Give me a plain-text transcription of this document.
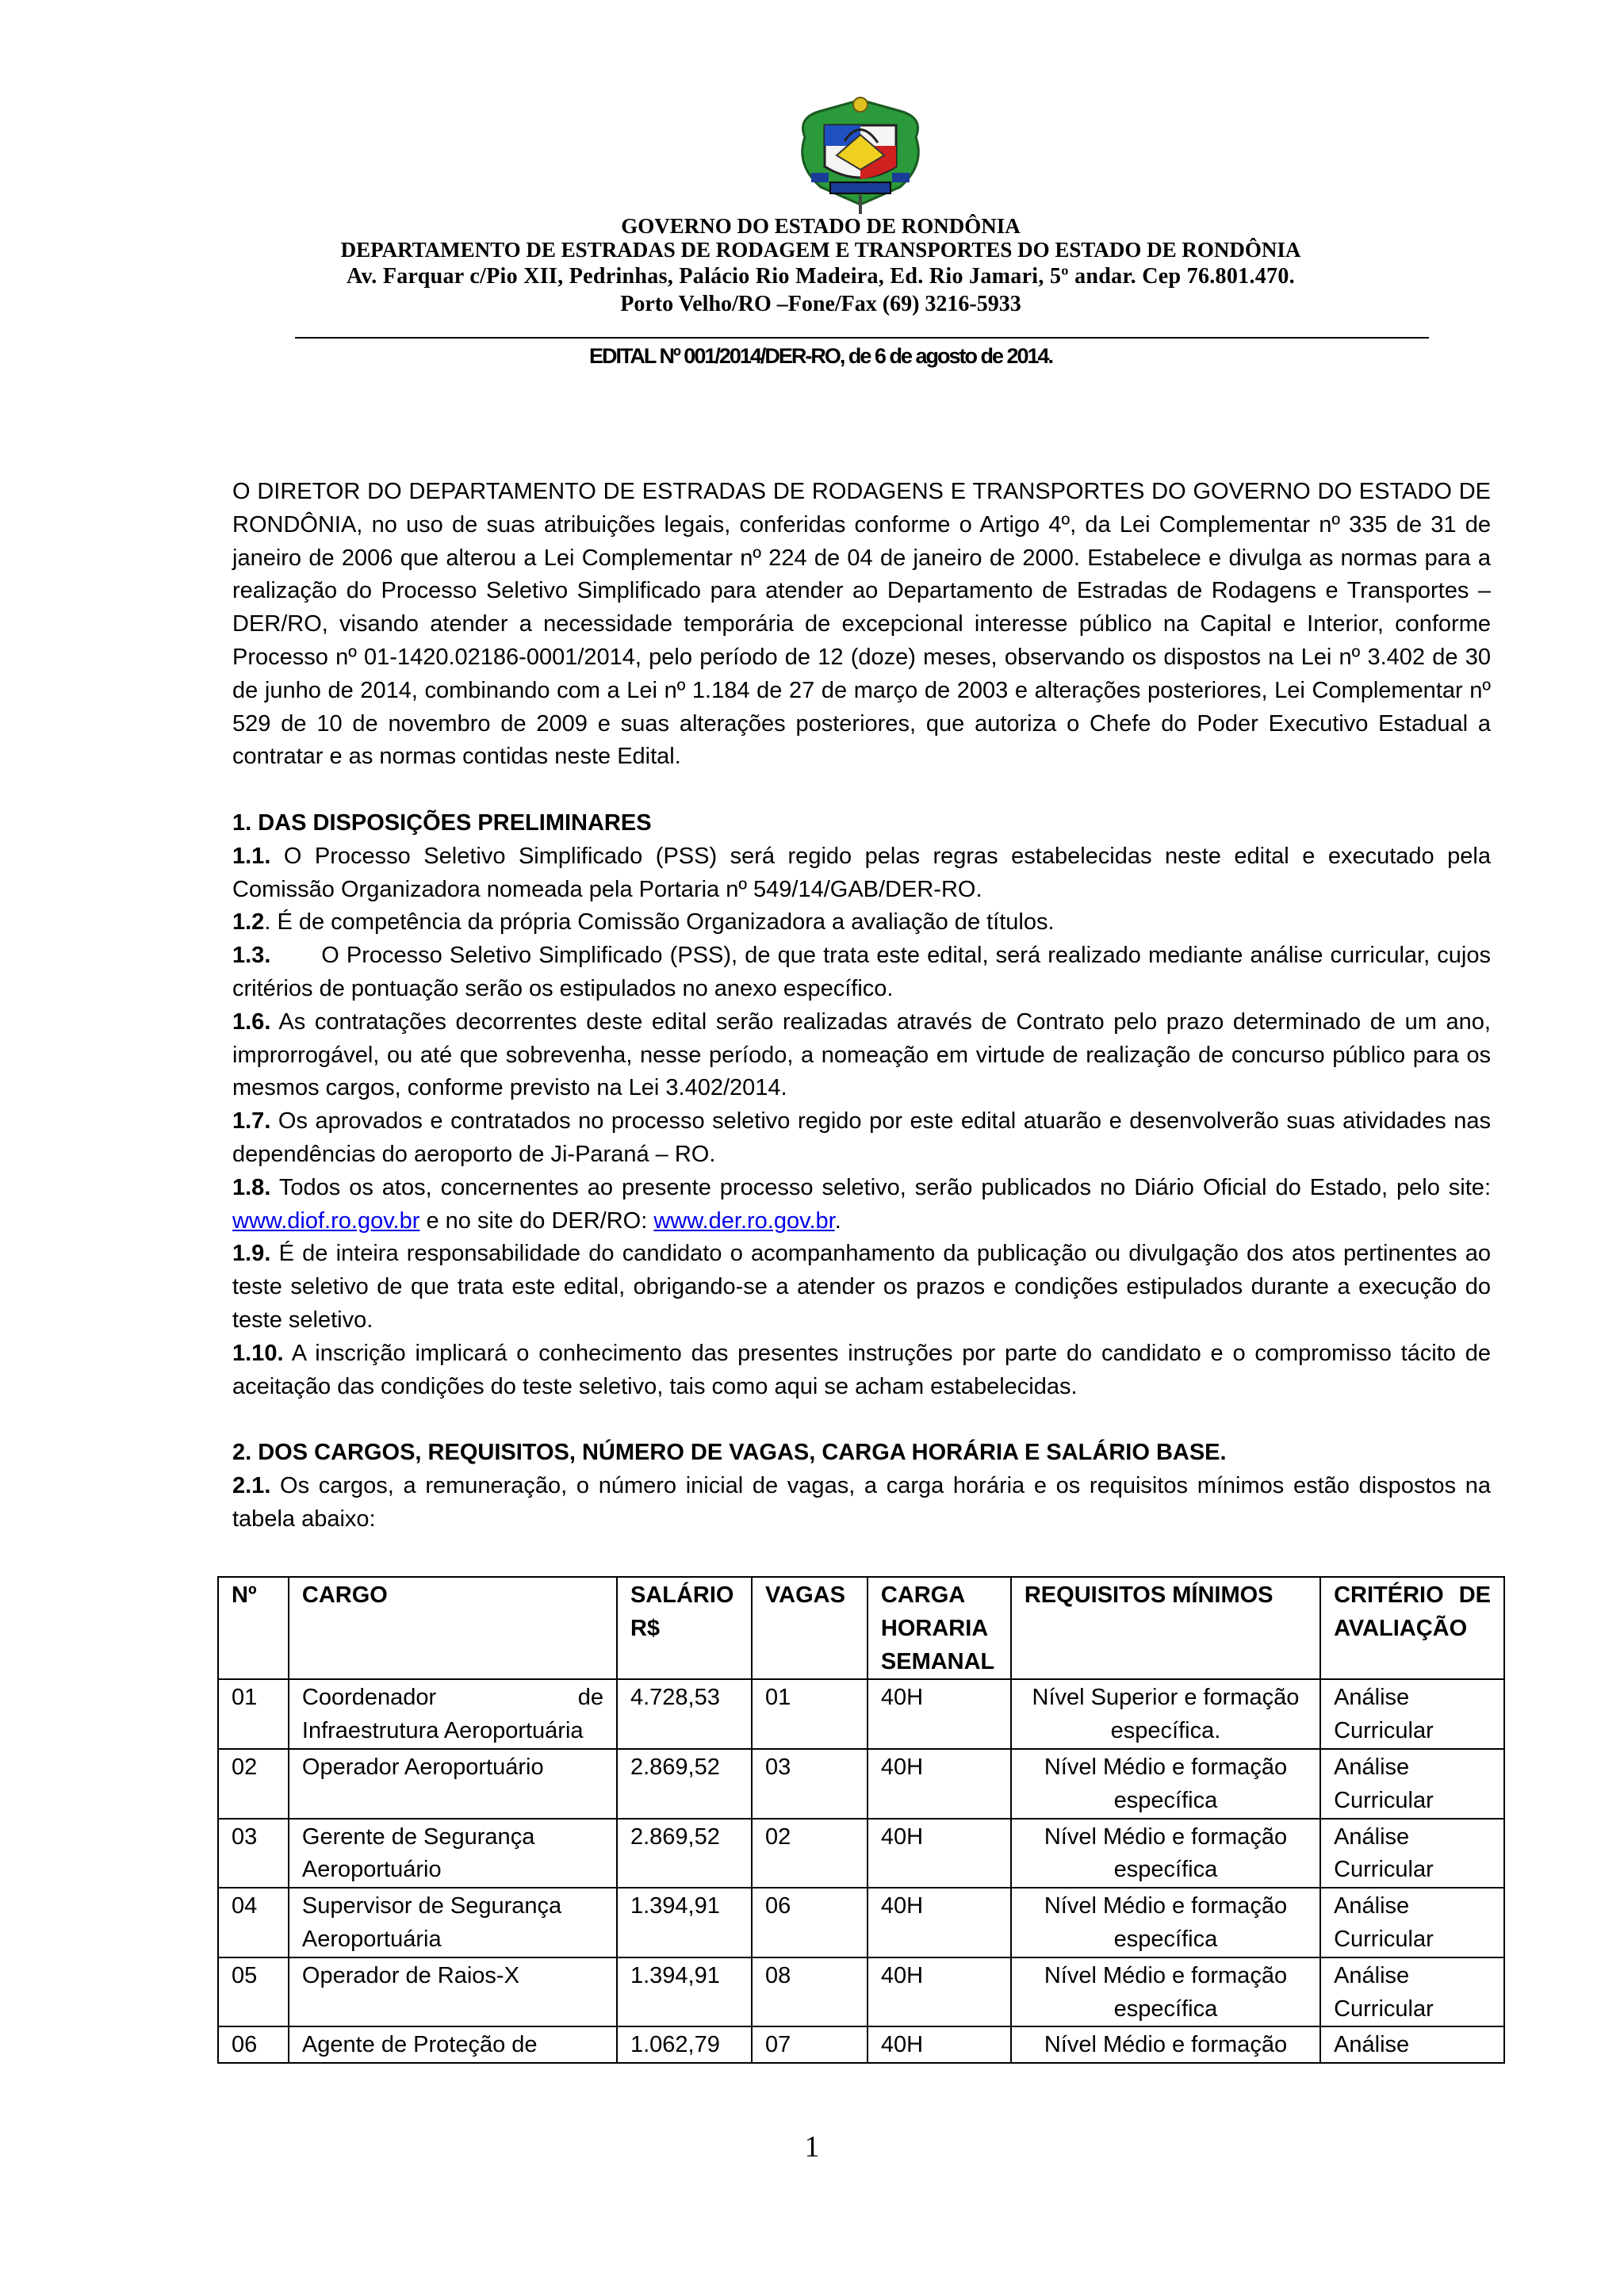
GOVERNO DO ESTADO DE RONDÔNIA
DEPARTAMENTO DE ESTRADAS DE RODAGEM E TRANSPORTES DO ESTADO DE RONDÔNIA
Av. Farquar c/Pio XII, Pedrinhas, Palácio Rio Madeira, Ed. Rio Jamari, 5º andar. Cep 76.801.470.
Porto Velho/RO –Fone/Fax (69) 3216-5933
EDITAL Nº 001/2014/DER-RO, de 6 de agosto de 2014.

O DIRETOR DO DEPARTAMENTO DE ESTRADAS DE RODAGENS E TRANSPORTES DO GOVERNO DO ESTADO DE RONDÔNIA, no uso de suas atribuições legais, conferidas conforme o Artigo 4º, da Lei Complementar nº 335 de 31 de janeiro de 2006 que alterou a Lei Complementar nº 224 de 04 de janeiro de 2000. Estabelece e divulga as normas para a realização do Processo Seletivo Simplificado para atender ao Departamento de Estradas de Rodagens e Transportes – DER/RO, visando atender a necessidade temporária de excepcional interesse público na Capital e Interior, conforme Processo nº 01-1420.02186-0001/2014, pelo período de 12 (doze) meses, observando os dispostos na Lei nº 3.402 de 30 de junho de 2014, combinando com a Lei nº 1.184 de 27 de março de 2003 e alterações posteriores, Lei Complementar nº 529 de 10 de novembro de 2009 e suas alterações posteriores, que autoriza o Chefe do Poder Executivo Estadual a contratar e as normas contidas neste Edital.

1. DAS DISPOSIÇÕES PRELIMINARES

1.1. O Processo Seletivo Simplificado (PSS) será regido pelas regras estabelecidas neste edital e executado pela Comissão Organizadora nomeada pela Portaria nº 549/14/GAB/DER-RO.

1.2. É de competência da própria Comissão Organizadora a avaliação de títulos.

1.3.       O Processo Seletivo Simplificado (PSS), de que trata este edital, será realizado mediante análise curricular, cujos critérios de pontuação serão os estipulados no anexo específico.

1.6. As contratações decorrentes deste edital serão realizadas através de Contrato pelo prazo determinado de um ano, improrrogável, ou até que sobrevenha, nesse período, a nomeação em virtude de realização de concurso público para os mesmos cargos, conforme previsto na Lei 3.402/2014.

1.7. Os aprovados e contratados no processo seletivo regido por este edital atuarão e desenvolverão suas atividades nas dependências do aeroporto de Ji-Paraná – RO.

1.8. Todos os atos, concernentes ao presente processo seletivo, serão publicados no Diário Oficial do Estado, pelo site: www.diof.ro.gov.br e no site do DER/RO: www.der.ro.gov.br.

1.9. É de inteira responsabilidade do candidato o acompanhamento da publicação ou divulgação dos atos pertinentes ao teste seletivo de que trata este edital, obrigando-se a atender os prazos e condições estipulados durante a execução do teste seletivo.

1.10. A inscrição implicará o conhecimento das presentes instruções por parte do candidato e o compromisso tácito de aceitação das condições do teste seletivo, tais como aqui se acham estabelecidas.

2. DOS CARGOS, REQUISITOS, NÚMERO DE VAGAS, CARGA HORÁRIA E SALÁRIO BASE.

2.1. Os cargos, a remuneração, o número inicial de vagas, a carga horária e os requisitos mínimos estão dispostos na tabela abaixo:

Nº	CARGO	SALÁRIO R$	VAGAS	CARGA HORARIA SEMANAL	REQUISITOS MÍNIMOS	CRITÉRIO DE AVALIAÇÃO
01	Coordenador de Infraestrutura Aeroportuária	4.728,53	01	40H	Nível Superior e formação específica.	Análise Curricular
02	Operador Aeroportuário	2.869,52	03	40H	Nível Médio e formação específica	Análise Curricular
03	Gerente de Segurança Aeroportuário	2.869,52	02	40H	Nível Médio e formação específica	Análise Curricular
04	Supervisor de Segurança Aeroportuária	1.394,91	06	40H	Nível Médio e formação específica	Análise Curricular
05	Operador de Raios-X	1.394,91	08	40H	Nível Médio e formação específica	Análise Curricular
06	Agente de Proteção de	1.062,79	07	40H	Nível Médio e formação	Análise
1
